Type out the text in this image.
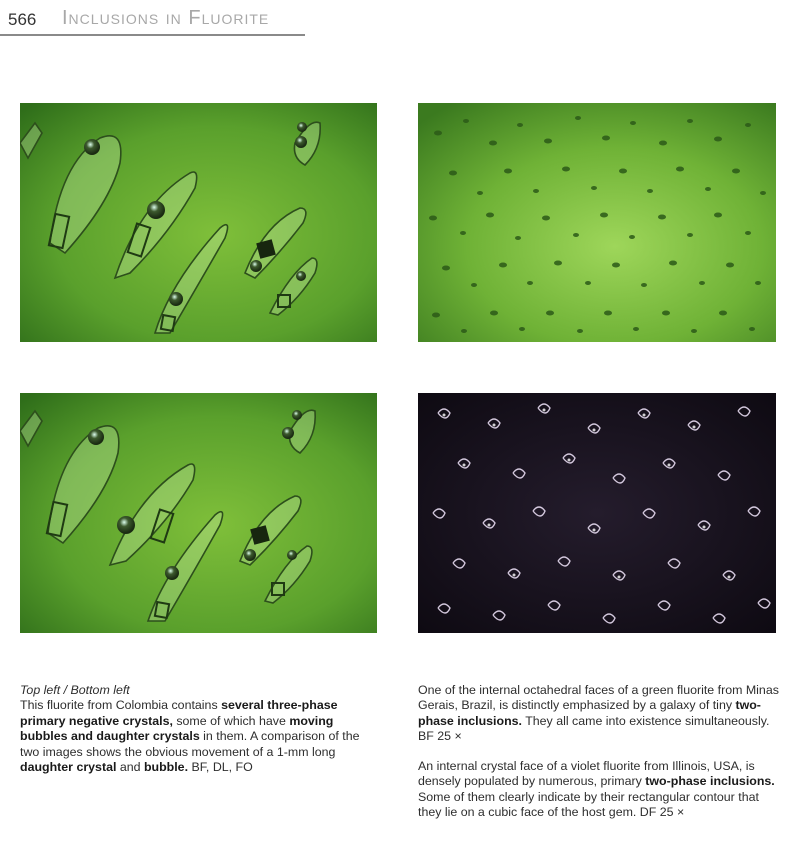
566 Inclusions in Fluorite
Top left / Bottom left
This fluorite from Colombia contains several three-phase primary negative crystals, some of which have moving bubbles and daughter crystals in them. A comparison of the two images shows the obvious movement of a 1-mm long daughter crystal and bubble. BF, DL, FO
One of the internal octahedral faces of a green fluorite from Minas Gerais, Brazil, is distinctly emphasized by a galaxy of tiny two-phase inclusions. They all came into existence simultaneously. BF 25 ×
An internal crystal face of a violet fluorite from Illinois, USA, is densely populated by numerous, primary two-phase inclusions. Some of them clearly indicate by their rectangular contour that they lie on a cubic face of the host gem. DF 25 ×
